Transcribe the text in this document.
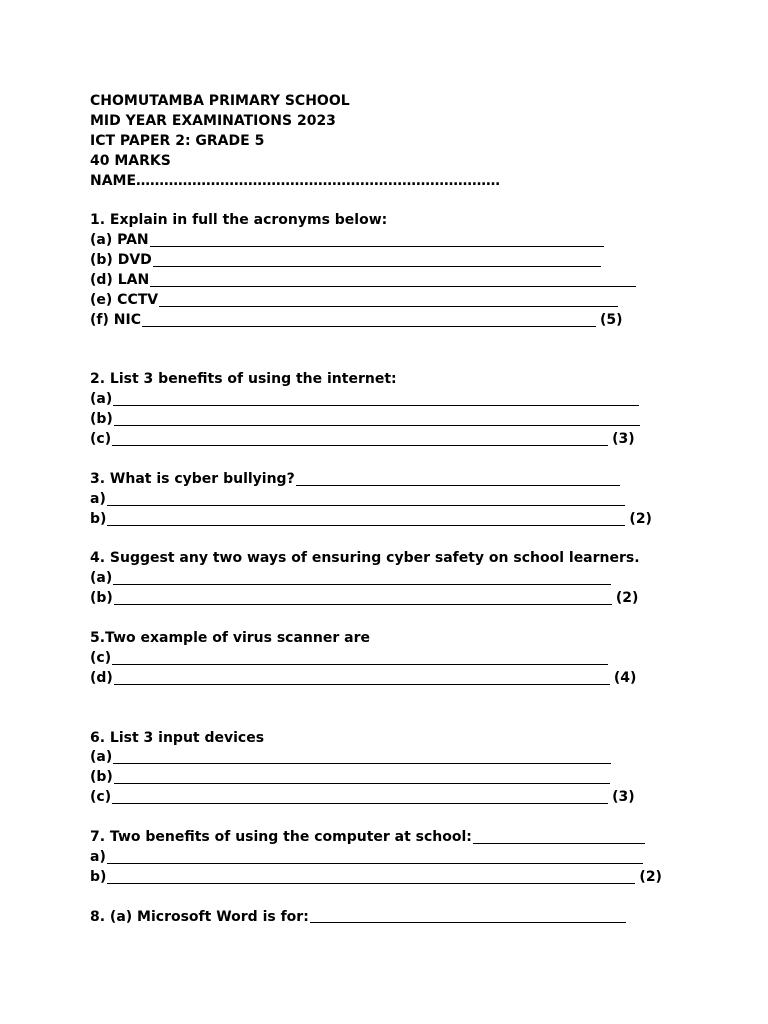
CHOMUTAMBA PRIMARY SCHOOL
MID YEAR EXAMINATIONS 2023
ICT PAPER 2: GRADE 5
40 MARKS
NAME……………………………………………………………………
1. Explain in full the acronyms below:
(a) PAN
(b) DVD
(d) LAN
(e) CCTV
(f) NIC	(5)
2. List 3 benefits of using the internet:
(a)
(b)
(c)	(3)
3. What is cyber bullying?
a)
b)	(2)
4. Suggest any two ways of ensuring cyber safety on school learners.
(a)
(b)	(2)
5.Two example of virus scanner are
(c)
(d)	(4)
6. List 3 input devices
(a)
(b)
(c)	(3)
7. Two benefits of using the computer at school:
a)
b)	(2)
8. (a) Microsoft Word is for:
